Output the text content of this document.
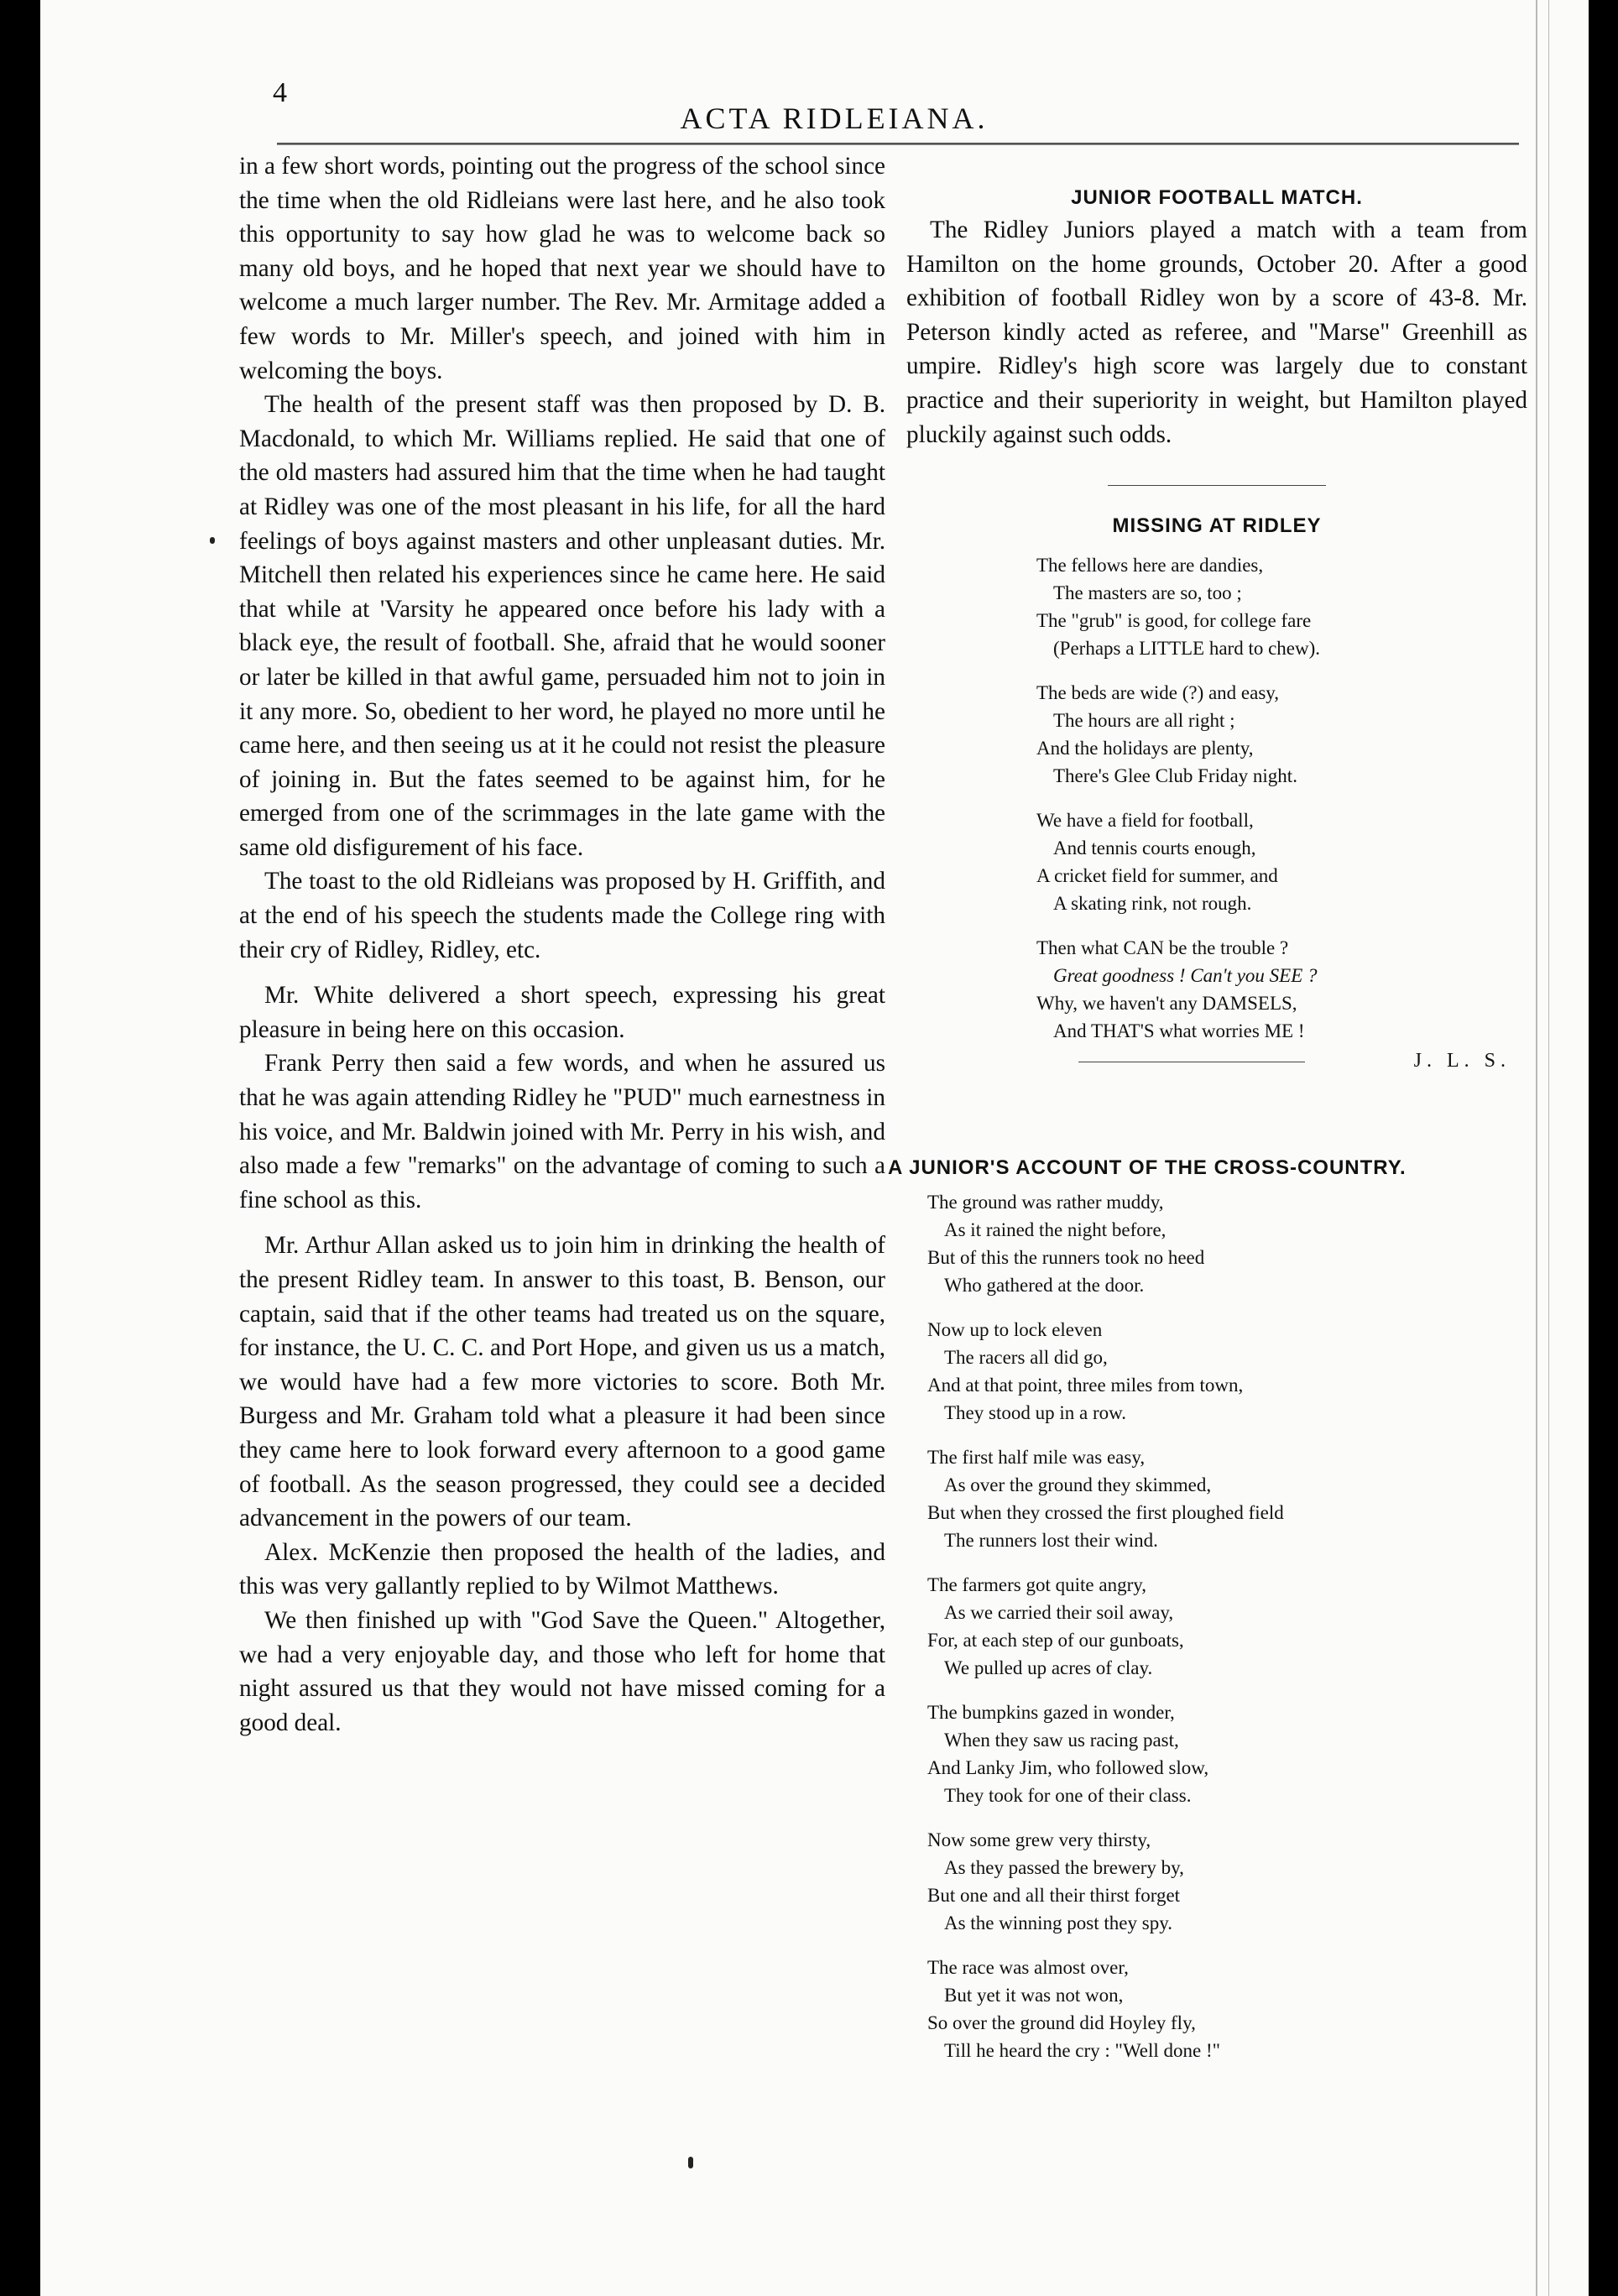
4
ACTA RIDLEIANA.

in a few short words, pointing out the progress of the school since the time when the old Ridleians were last here, and he also took this opportunity to say how glad he was to welcome back so many old boys, and he hoped that next year we should have to welcome a much larger number. The Rev. Mr. Armitage added a few words to Mr. Miller's speech, and joined with him in welcoming the boys.

The health of the present staff was then proposed by D. B. Macdonald, to which Mr. Williams replied. He said that one of the old masters had assured him that the time when he had taught at Ridley was one of the most pleasant in his life, for all the hard feelings of boys against masters and other unpleasant duties. Mr. Mitchell then related his experiences since he came here. He said that while at 'Varsity he appeared once before his lady with a black eye, the result of football. She, afraid that he would sooner or later be killed in that awful game, persuaded him not to join in it any more. So, obedient to her word, he played no more until he came here, and then seeing us at it he could not resist the pleasure of joining in. But the fates seemed to be against him, for he emerged from one of the scrimmages in the late game with the same old disfigurement of his face.

The toast to the old Ridleians was proposed by H. Griffith, and at the end of his speech the students made the College ring with their cry of Ridley, Ridley, etc.

Mr. White delivered a short speech, expressing his great pleasure in being here on this occasion.

Frank Perry then said a few words, and when he assured us that he was again attending Ridley he "PUD" much earnestness in his voice, and Mr. Baldwin joined with Mr. Perry in his wish, and also made a few "remarks" on the advantage of coming to such a fine school as this.

Mr. Arthur Allan asked us to join him in drinking the health of the present Ridley team. In answer to this toast, B. Benson, our captain, said that if the other teams had treated us on the square, for instance, the U. C. C. and Port Hope, and given us us a match, we would have had a few more victories to score. Both Mr. Burgess and Mr. Graham told what a pleasure it had been since they came here to look forward every afternoon to a good game of football. As the season progressed, they could see a decided advancement in the powers of our team.

Alex. McKenzie then proposed the health of the ladies, and this was very gallantly replied to by Wilmot Matthews.

We then finished up with "God Save the Queen." Altogether, we had a very enjoyable day, and those who left for home that night assured us that they would not have missed coming for a good deal.

JUNIOR FOOTBALL MATCH.

The Ridley Juniors played a match with a team from Hamilton on the home grounds, October 20. After a good exhibition of football Ridley won by a score of 43-8. Mr. Peterson kindly acted as referee, and "Marse" Greenhill as umpire. Ridley's high score was largely due to constant practice and their superiority in weight, but Hamilton played pluckily against such odds.

MISSING AT RIDLEY
The fellows here are dandies,
The masters are so, too ;
The "grub" is good, for college fare
(Perhaps a LITTLE hard to chew).
The beds are wide (?) and easy,
The hours are all right ;
And the holidays are plenty,
There's Glee Club Friday night.
We have a field for football,
And tennis courts enough,
A cricket field for summer, and
A skating rink, not rough.
Then what CAN be the trouble ?
Great goodness ! Can't you SEE ?
Why, we haven't any DAMSELS,
And THAT'S what worries ME !
J. L. S.
A JUNIOR'S ACCOUNT OF THE CROSS-COUNTRY.
The ground was rather muddy,
As it rained the night before,
But of this the runners took no heed
Who gathered at the door.
Now up to lock eleven
The racers all did go,
And at that point, three miles from town,
They stood up in a row.
The first half mile was easy,
As over the ground they skimmed,
But when they crossed the first ploughed field
The runners lost their wind.
The farmers got quite angry,
As we carried their soil away,
For, at each step of our gunboats,
We pulled up acres of clay.
The bumpkins gazed in wonder,
When they saw us racing past,
And Lanky Jim, who followed slow,
They took for one of their class.
Now some grew very thirsty,
As they passed the brewery by,
But one and all their thirst forget
As the winning post they spy.
The race was almost over,
But yet it was not won,
So over the ground did Hoyley fly,
Till he heard the cry : "Well done !"
